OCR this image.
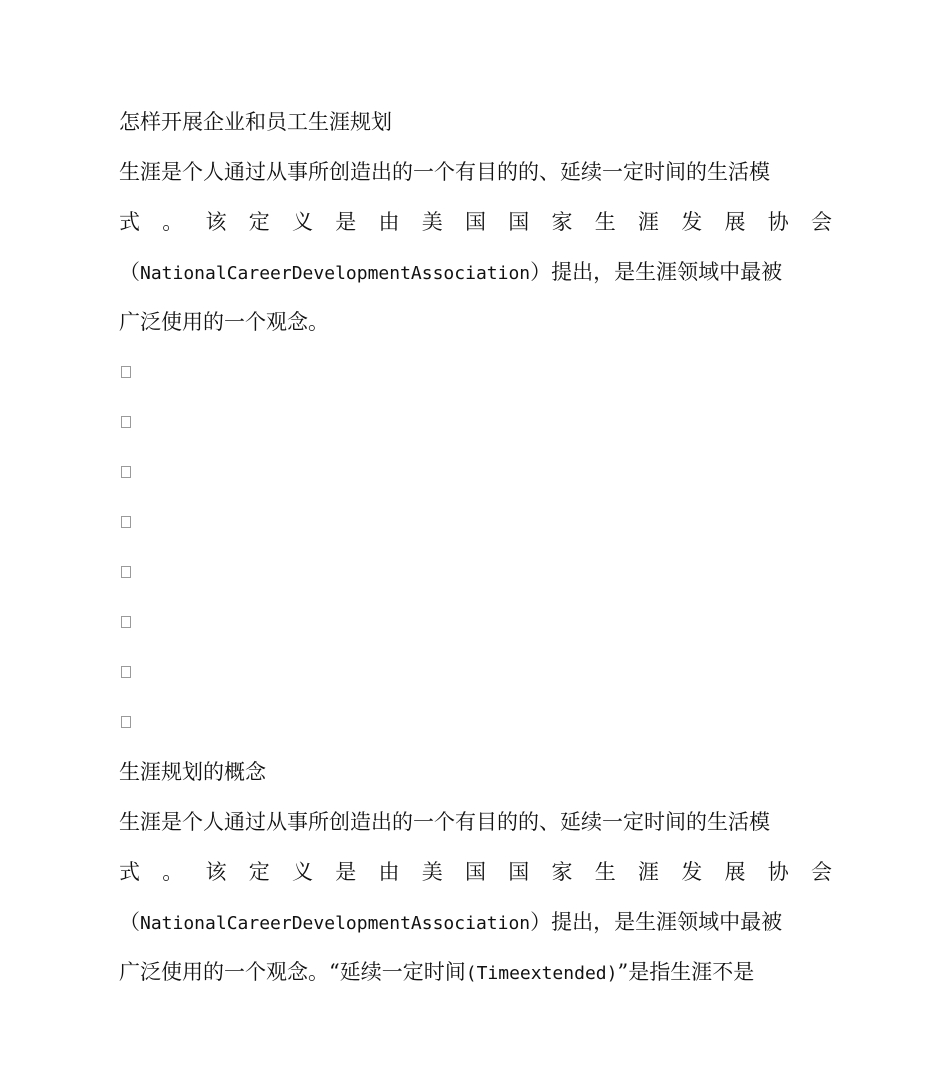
怎样开展企业和员工生涯规划
生涯是个人通过从事所创造出的一个有目的的、延续一定时间的生活模
式 。 该 定 义 是 由 美 国 国 家 生 涯 发 展 协 会
（NationalCareerDevelopmentAssociation）提出，是生涯领域中最被
广泛使用的一个观念。
生涯规划的概念
生涯是个人通过从事所创造出的一个有目的的、延续一定时间的生活模
式 。 该 定 义 是 由 美 国 国 家 生 涯 发 展 协 会
（NationalCareerDevelopmentAssociation）提出，是生涯领域中最被
广泛使用的一个观念。“延续一定时间(Timeextended)”是指生涯不是
